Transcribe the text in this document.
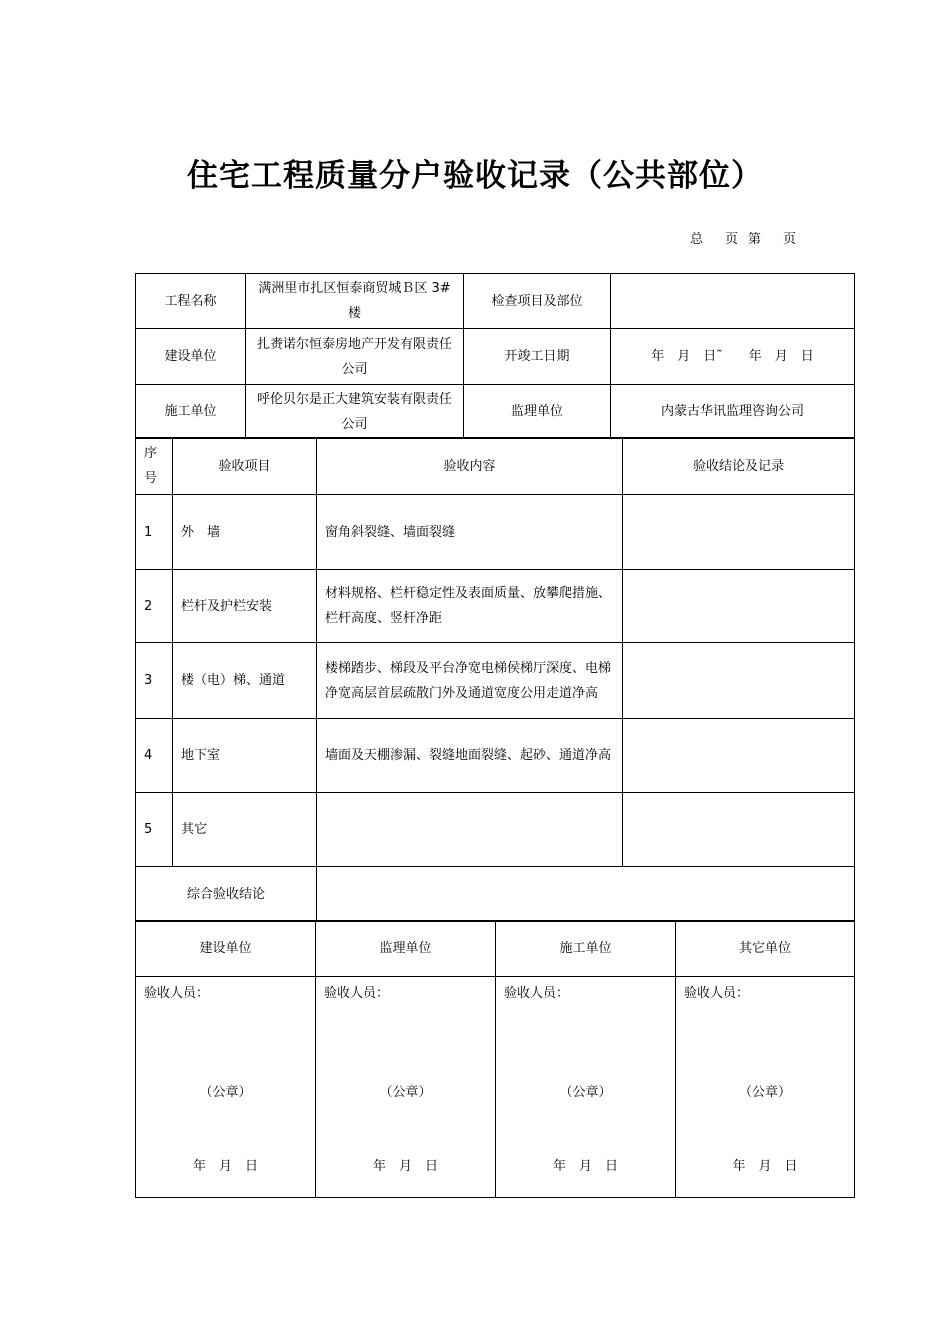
住宅工程质量分户验收记录（公共部位）
总 页 第 页
工程名称	满洲里市扎区恒泰商贸城Ｂ区 3#楼	检查项目及部位	
建设单位	扎赉诺尔恒泰房地产开发有限责任公司	开竣工日期	年　月　日˜　　年　月　日
施工单位	呼伦贝尔是正大建筑安装有限责任公司	监理单位	内蒙古华讯监理咨询公司
序号	验收项目	验收内容	验收结论及记录
1	外　墙	窗角斜裂缝、墙面裂缝	
2	栏杆及护栏安装	材料规格、栏杆稳定性及表面质量、放攀爬措施、栏杆高度、竖杆净距	
3	楼（电）梯、通道	楼梯踏步、梯段及平台净宽电梯侯梯厅深度、电梯净宽高层首层疏散门外及通道宽度公用走道净高	
4	地下室	墙面及天棚渗漏、裂缝地面裂缝、起砂、通道净高	
5	其它		
综合验收结论	
建设单位	监理单位	施工单位	其它单位

验收人员：
（公章）
年　月　日	验收人员：
（公章）
年　月　日	验收人员：
（公章）
年　月　日	验收人员：
（公章）
年　月　日
